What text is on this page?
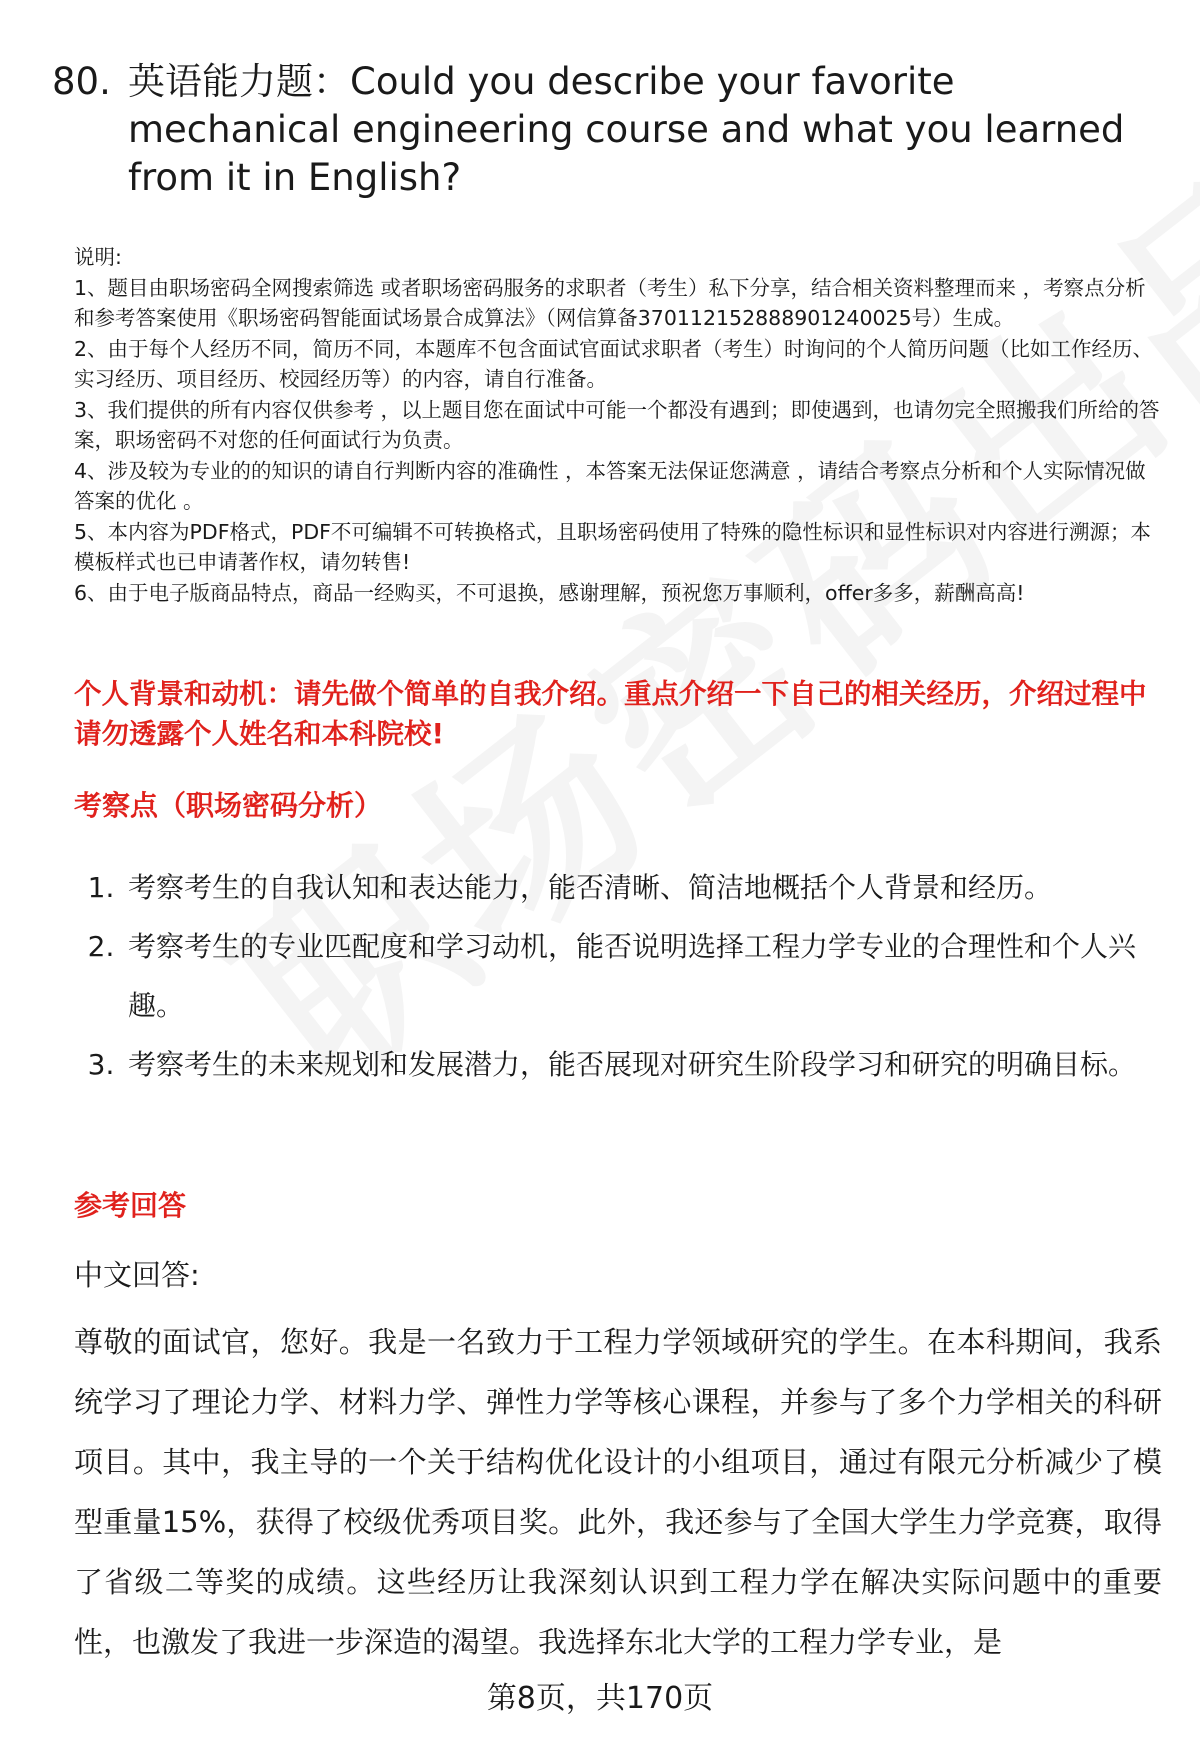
80. 英语能力题：Could you describe your favorite mechanical engineering course and what you learned from it in English?

说明:

1、题目由职场密码全网搜索筛选 或者职场密码服务的求职者（考生）私下分享，结合相关资料整理而来 ，考察点分析和参考答案使用《职场密码智能面试场景合成算法》（网信算备370112152888901240025号）生成。

2、由于每个人经历不同，简历不同，本题库不包含面试官面试求职者（考生）时询问的个人简历问题（比如工作经历、实习经历、项目经历、校园经历等）的内容，请自行准备。

3、我们提供的所有内容仅供参考 ，以上题目您在面试中可能一个都没有遇到；即使遇到，也请勿完全照搬我们所给的答案，职场密码不对您的任何面试行为负责。

4、涉及较为专业的的知识的请自行判断内容的准确性 ，本答案无法保证您满意 ，请结合考察点分析和个人实际情况做答案的优化 。

5、本内容为PDF格式，PDF不可编辑不可转换格式，且职场密码使用了特殊的隐性标识和显性标识对内容进行溯源；本模板样式也已申请著作权，请勿转售!

6、由于电子版商品特点，商品一经购买，不可退换，感谢理解，预祝您万事顺利，offer多多，薪酬高高!

个人背景和动机：请先做个简单的自我介绍。重点介绍一下自己的相关经历，介绍过程中请勿透露个人姓名和本科院校!

考察点（职场密码分析）

1. 考察考生的自我认知和表达能力，能否清晰、简洁地概括个人背景和经历。
2. 考察考生的专业匹配度和学习动机，能否说明选择工程力学专业的合理性和个人兴趣。
3. 考察考生的未来规划和发展潜力，能否展现对研究生阶段学习和研究的明确目标。

参考回答

中文回答:

尊敬的面试官，您好。我是一名致力于工程力学领域研究的学生。在本科期间，我系统学习了理论力学、材料力学、弹性力学等核心课程，并参与了多个力学相关的科研项目。其中，我主导的一个关于结构优化设计的小组项目，通过有限元分析减少了模型重量15%，获得了校级优秀项目奖。此外，我还参与了全国大学生力学竞赛，取得了省级二等奖的成绩。这些经历让我深刻认识到工程力学在解决实际问题中的重要性，也激发了我进一步深造的渴望。我选择东北大学的工程力学专业，是

第8页，共170页
